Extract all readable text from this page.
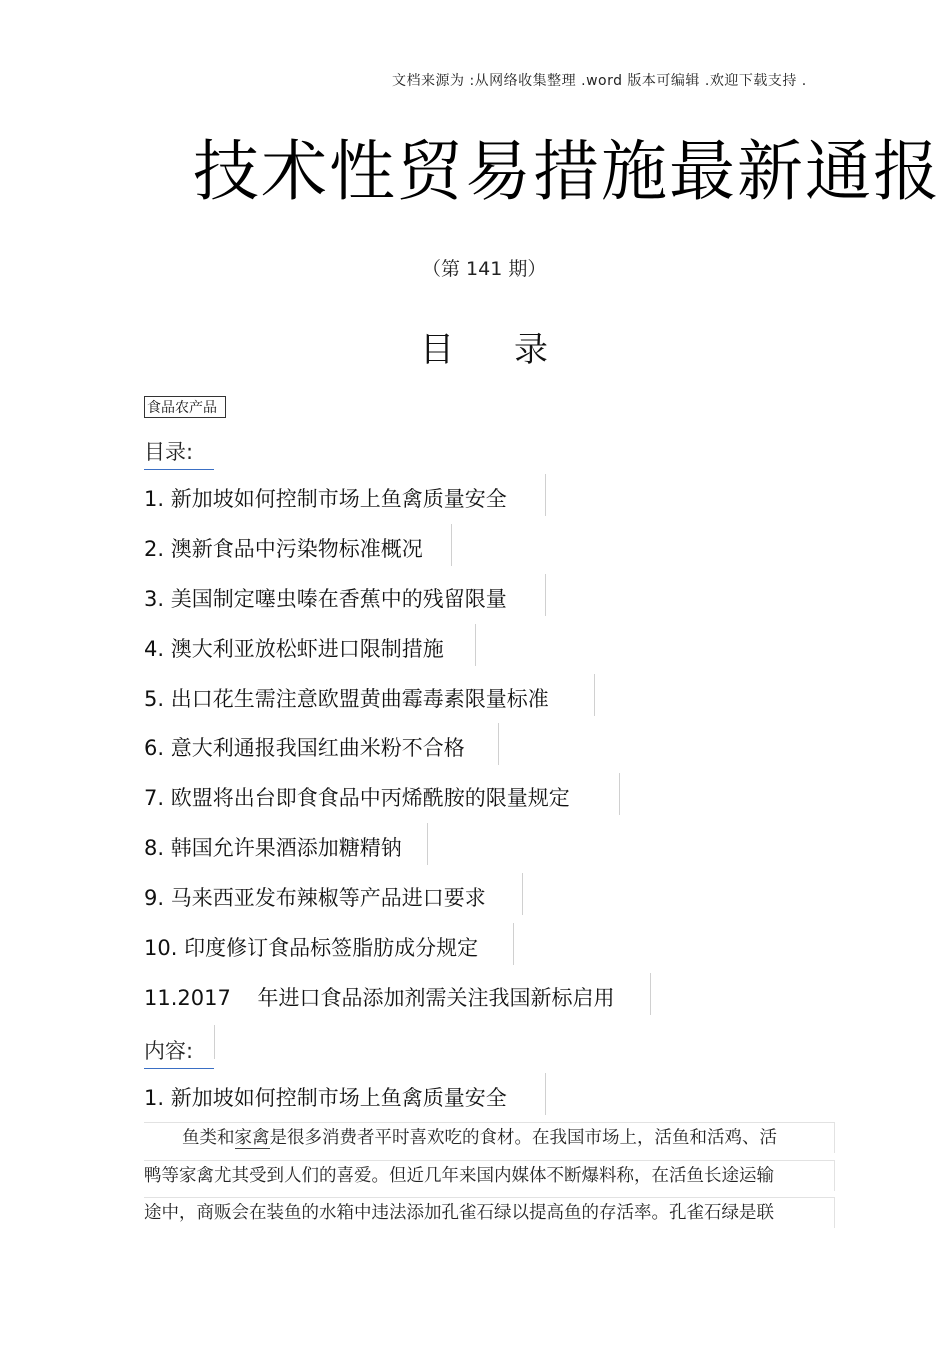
文档来源为 :从网络收集整理 .word 版本可编辑 .欢迎下载支持 .
技术性贸易措施最新通报
（第 141 期）
目 录
食品农产品
目录:
1. 新加坡如何控制市场上鱼禽质量安全
2. 澳新食品中污染物标准概况
3. 美国制定噻虫嗪在香蕉中的残留限量
4. 澳大利亚放松虾进口限制措施
5. 出口花生需注意欧盟黄曲霉毒素限量标准
6. 意大利通报我国红曲米粉不合格
7. 欧盟将出台即食食品中丙烯酰胺的限量规定
8. 韩国允许果酒添加糖精钠
9. 马来西亚发布辣椒等产品进口要求
10. 印度修订食品标签脂肪成分规定
11.2017    年进口食品添加剂需关注我国新标启用
内容:
1. 新加坡如何控制市场上鱼禽质量安全
鱼类和家禽是很多消费者平时喜欢吃的食材。在我国市场上，活鱼和活鸡、活
鸭等家禽尤其受到人们的喜爱。但近几年来国内媒体不断爆料称，在活鱼长途运输
途中，商贩会在装鱼的水箱中违法添加孔雀石绿以提高鱼的存活率。孔雀石绿是联
